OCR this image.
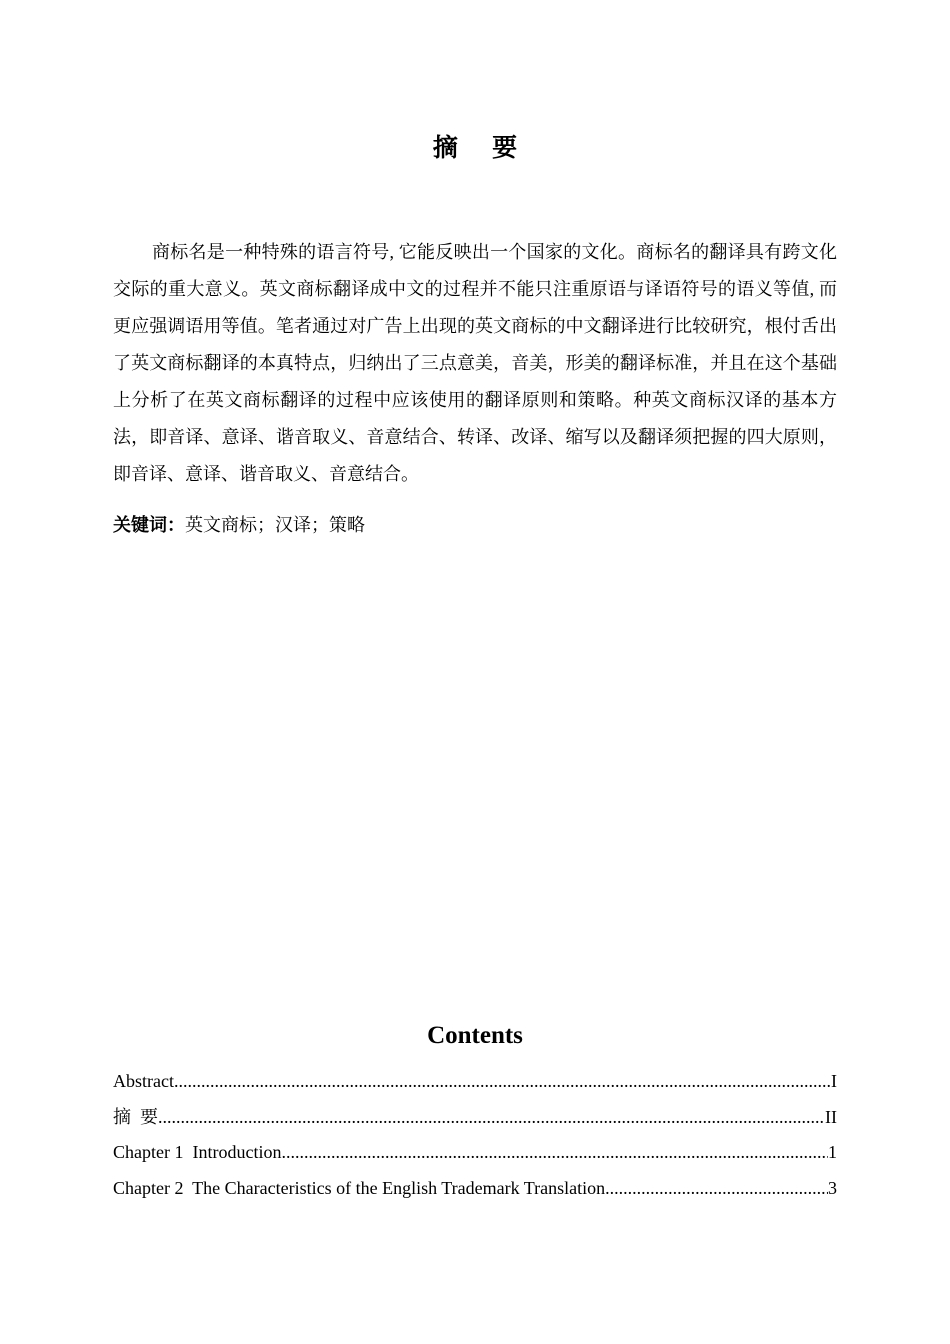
摘 要

商标名是一种特殊的语言符号, 它能反映出一个国家的文化。商标名的翻译具有跨文化交际的重大意义。英文商标翻译成中文的过程并不能只注重原语与译语符号的语义等值, 而更应强调语用等值。笔者通过对广告上出现的英文商标的中文翻译进行比较研究，根付舌出了英文商标翻译的本真特点，归纳出了三点意美，音美，形美的翻译标准，并且在这个基础上分析了在英文商标翻译的过程中应该使用的翻译原则和策略。种英文商标汉译的基本方法，即音译、意译、谐音取义、音意结合、转译、改译、缩写以及翻译须把握的四大原则，即音译、意译、谐音取义、音意结合。

关键词：英文商标；汉译；策略
Contents
Abstract .....	I
摘  要 .....	II
Chapter 1  Introduction .....	1
Chapter 2  The Characteristics of the English Trademark Translation .....	3
